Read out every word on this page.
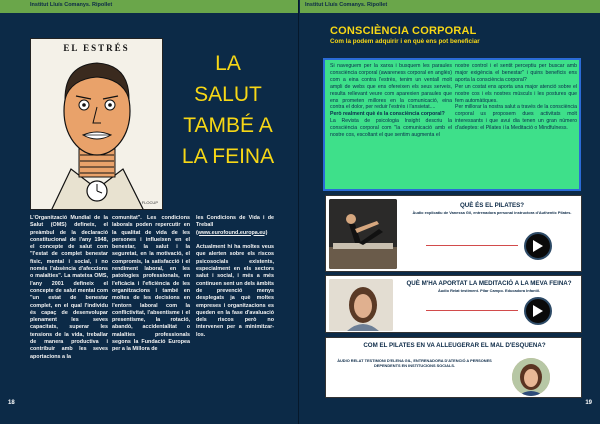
Institut Lluís Comanys. Ripollet
EL ESTRÉS
FLOCUP
LA
SALUT
TAMBÉ A
LA FEINA
L'Organització Mundial de la Salut (OMS) defineix, el preàmbul de la declaració constitucional de l'any 1948, el concepte de salut com "l'estat de complet benestar físic, mental i social, i no només l'absència d'afeccions o malalties". La mateixa OMS, l'any 2001 defineix el concepte de salut mental com "un estat de benestar complet, en el qual l'individu és capaç de desenvolupar plenament les seves capacitats, superar les tensions de la vida, treballar de manera productiva i contribuir amb les seves aportacions a la
comunitat". Les condicions laborals poden repercutir en la qualitat de vida de les persones i influeixen en el benestar, la salut i la seguretat, en la motivació, el compromís, la satisfacció i el rendiment laboral, en les patologies professionals, en l'eficàcia i l'eficiència de les organitzacions i també en moltes de les decisions en l'entorn laboral com la conflictivitat, l'absentisme i el presentisme, la rotació, abandó, accidentalitat o malalties professionals segons la Fundació Europea per a la Millora de
les Condicions de Vida i de Treball (www.eurofound.europa.eu)

Actualment hi ha moltes veus que alerten sobre els riscos psicosocials existents, especialment en els sectors salut i social, i més a més continuen sent un dels àmbits de prevenció menys desplegats ja què moltes empreses i organitzacions es queden en la fase d'avaluació dels riscos però no intervenen per a minimitzar-los.
18
Institut Lluís Comanys. Ripollet
19
CONSCIÈNCIA CORPORAL
Com la podem adquirir i en què ens pot beneficiar
Si naveguem per la xarxa i busquem les paraules consciència corporal (awareness corporal en anglès) com a eina contra l'estrès, tenim un ventall molt ampli de webs que ens ofereixen els seus serveis, resulta rellevant veure com aparexien paraules que ens prometen millores en la comunicació, eina contra el dolor, per reduir l'estrès i l'ansietat....
Però realment què és la consciència corporal?
La Revista de psicologia Insight descriu la consciència corporal com "la comunicació amb el nostre cos, escoltant el que sentim augmenta el
nostre control i el sentit perceptiu per buscar amb major exigència el benestar" i quins beneficis ens aporta la consciència corporal?
Per un costat ens aporta una major atenció sobre el nostre cos i els nostres músculs i les postures que fem automàtiques.
Per millorar la nostra salut a través de la consciència corporal us proposem dues activitats molt interessants i que avui dia tenen un gran número d'adeptes: el Pilates i la Meditació o Mindfulness.
QUÈ ÉS EL PILATES?
Àudio explicatiu de Vanessa Gil, entrenadora personal instructora d'Authentic Pilates.
QUÈ M'HA APORTAT LA MEDITACIÓ A LA MEVA FEINA?
Àudio Relat testiment. Pilar Campo. Educadora Infantil.
COM EL PILATES EN VA ALLEUGERAR EL MAL D'ESQUENA?
ÀUDIO RELAT TESTIMONI D'ELENA GIL, ENTRENADORA D'ATENCIÓ A PERSONES DEPENDENTS EN INSTITUCIONS SOCIALS.
